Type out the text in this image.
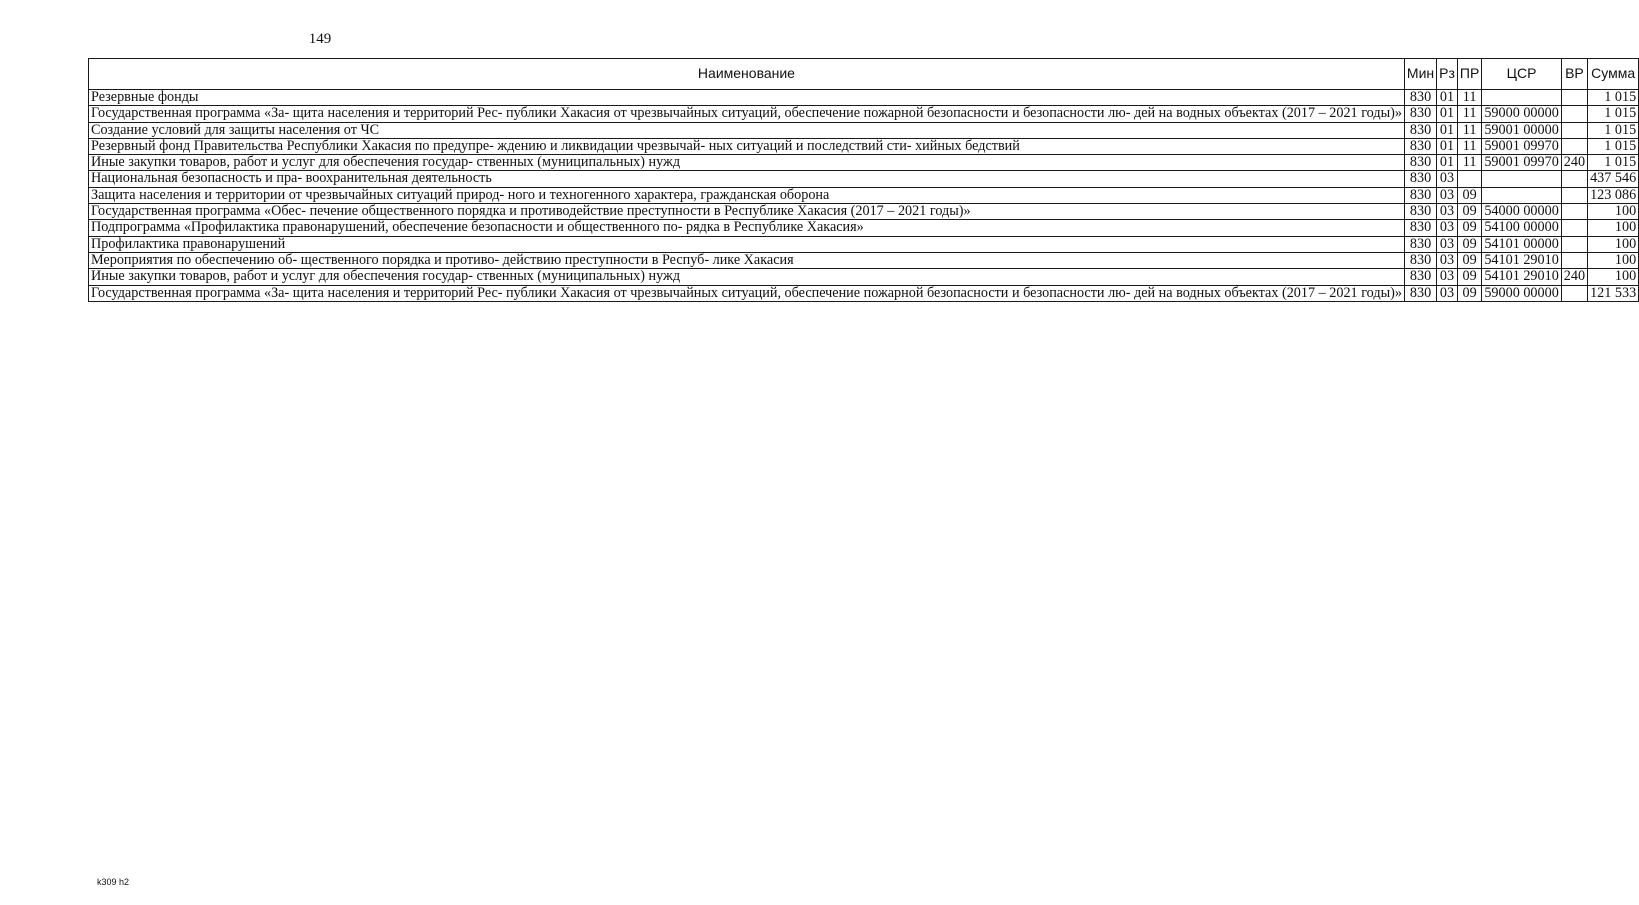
149
Наименование	Мин	Рз	ПР	ЦСР	ВР	Сумма
Резервные фонды	830	01	11			1 015
Государственная программа «За- щита населения и территорий Рес- публики Хакасия от чрезвычайных ситуаций, обеспечение пожарной безопасности и безопасности лю- дей на водных объектах (2017 – 2021 годы)»	830	01	11	59000 00000		1 015
Создание условий для защиты населения от ЧС	830	01	11	59001 00000		1 015
Резервный фонд Правительства Республики Хакасия по предупре- ждению и ликвидации чрезвычай- ных ситуаций и последствий сти- хийных бедствий	830	01	11	59001 09970		1 015
Иные закупки товаров, работ и услуг для обеспечения государ- ственных (муниципальных) нужд	830	01	11	59001 09970	240	1 015
Национальная безопасность и пра- воохранительная деятельность	830	03				437 546
Защита населения и территории от чрезвычайных ситуаций природ- ного и техногенного характера, гражданская оборона	830	03	09			123 086
Государственная программа «Обес- печение общественного порядка и противодействие преступности в Республике Хакасия (2017 – 2021 годы)»	830	03	09	54000 00000		100
Подпрограмма «Профилактика правонарушений, обеспечение безопасности и общественного по- рядка в Республике Хакасия»	830	03	09	54100 00000		100
Профилактика правонарушений	830	03	09	54101 00000		100
Мероприятия по обеспечению об- щественного порядка и противо- действию преступности в Респуб- лике Хакасия	830	03	09	54101 29010		100
Иные закупки товаров, работ и услуг для обеспечения государ- ственных (муниципальных) нужд	830	03	09	54101 29010	240	100
Государственная программа «За- щита населения и территорий Рес- публики Хакасия от чрезвычайных ситуаций, обеспечение пожарной безопасности и безопасности лю- дей на водных объектах (2017 – 2021 годы)»	830	03	09	59000 00000		121 533
k309 h2
